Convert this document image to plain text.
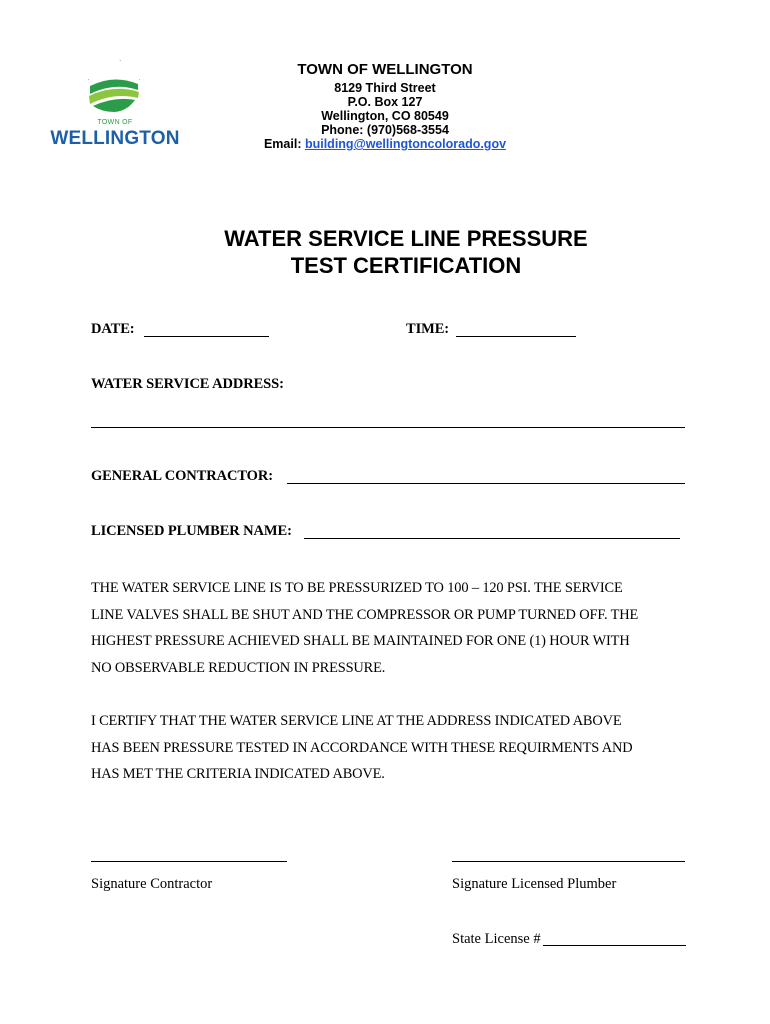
TOWN OF
WELLINGTON
TOWN OF WELLINGTON
8129 Third Street
P.O. Box 127
Wellington, CO 80549
Phone: (970)568-3554
Email: building@wellingtoncolorado.gov
WATER SERVICE LINE PRESSURE
TEST CERTIFICATION
DATE:	TIME:
WATER SERVICE ADDRESS:
GENERAL CONTRACTOR:
LICENSED PLUMBER NAME:
THE WATER SERVICE LINE IS TO BE PRESSURIZED TO 100 – 120 PSI. THE SERVICE
LINE VALVES SHALL BE SHUT AND THE COMPRESSOR OR PUMP TURNED OFF. THE
HIGHEST PRESSURE ACHIEVED SHALL BE MAINTAINED FOR ONE (1) HOUR WITH
NO OBSERVABLE REDUCTION IN PRESSURE.
I CERTIFY THAT THE WATER SERVICE LINE AT THE ADDRESS INDICATED ABOVE
HAS BEEN PRESSURE TESTED IN ACCORDANCE WITH THESE REQUIRMENTS AND
HAS MET THE CRITERIA INDICATED ABOVE.
Signature Contractor	Signature Licensed Plumber
State License #
